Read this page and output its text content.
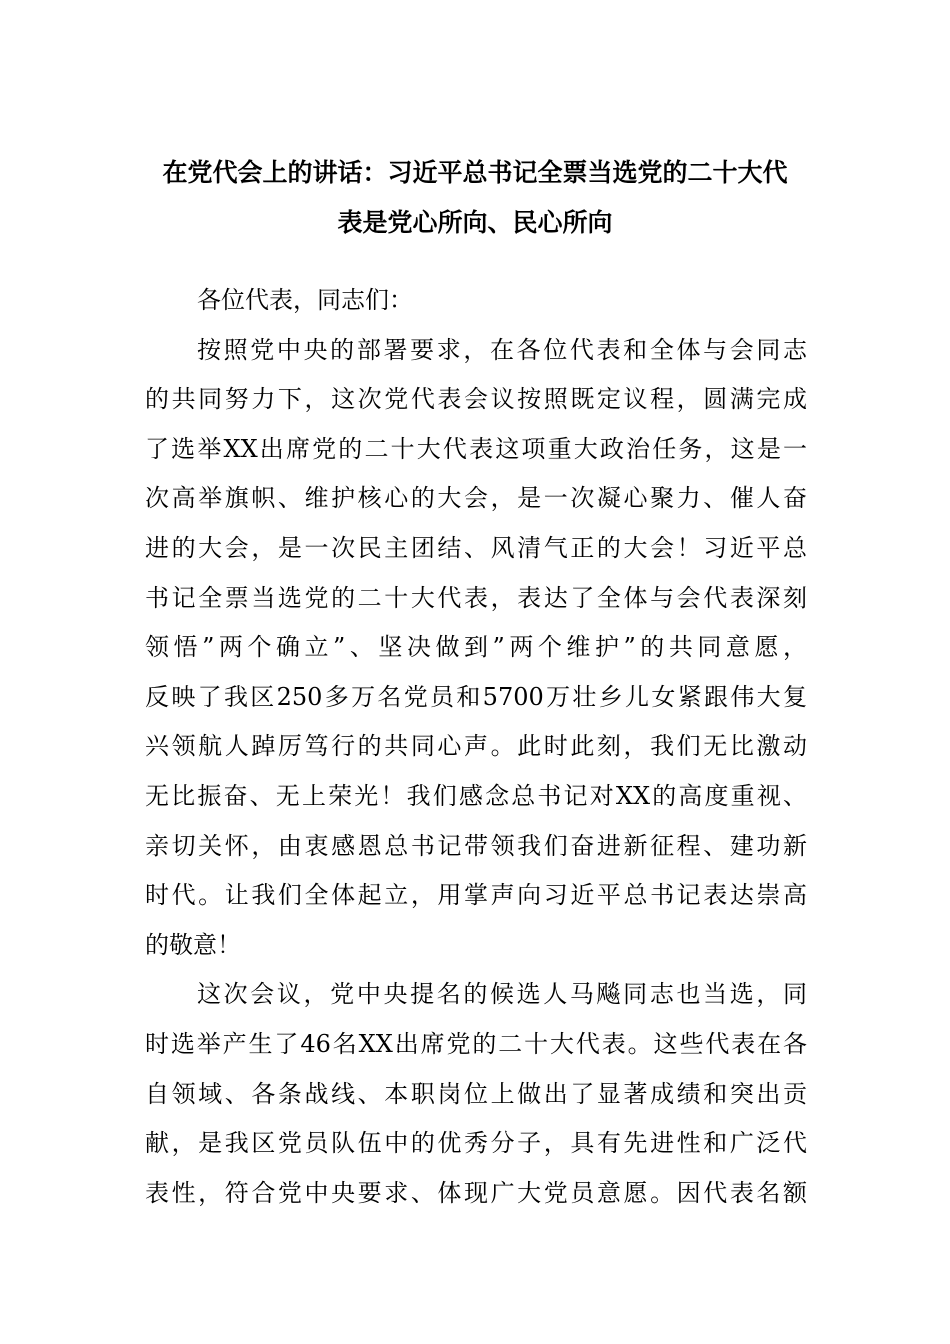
在党代会上的讲话：习近平总书记全票当选党的二十大代
表是党心所向、民心所向
各位代表，同志们：
按照党中央的部署要求，在各位代表和全体与会同志
的共同努力下，这次党代表会议按照既定议程，圆满完成
了选举XX出席党的二十大代表这项重大政治任务，这是一
次高举旗帜、维护核心的大会，是一次凝心聚力、催人奋
进的大会，是一次民主团结、风清气正的大会！习近平总
书记全票当选党的二十大代表，表达了全体与会代表深刻
领悟”两个确立”、坚决做到”两个维护”的共同意愿，
反映了我区250多万名党员和5700万壮乡儿女紧跟伟大复
兴领航人踔厉笃行的共同心声。此时此刻，我们无比激动
无比振奋、无上荣光！我们感念总书记对XX的高度重视、
亲切关怀，由衷感恩总书记带领我们奋进新征程、建功新
时代。让我们全体起立，用掌声向习近平总书记表达崇高
的敬意！
这次会议，党中央提名的候选人马飚同志也当选，同
时选举产生了46名XX出席党的二十大代表。这些代表在各
自领域、各条战线、本职岗位上做出了显著成绩和突出贡
献，是我区党员队伍中的优秀分子，具有先进性和广泛代
表性，符合党中央要求、体现广大党员意愿。因代表名额
